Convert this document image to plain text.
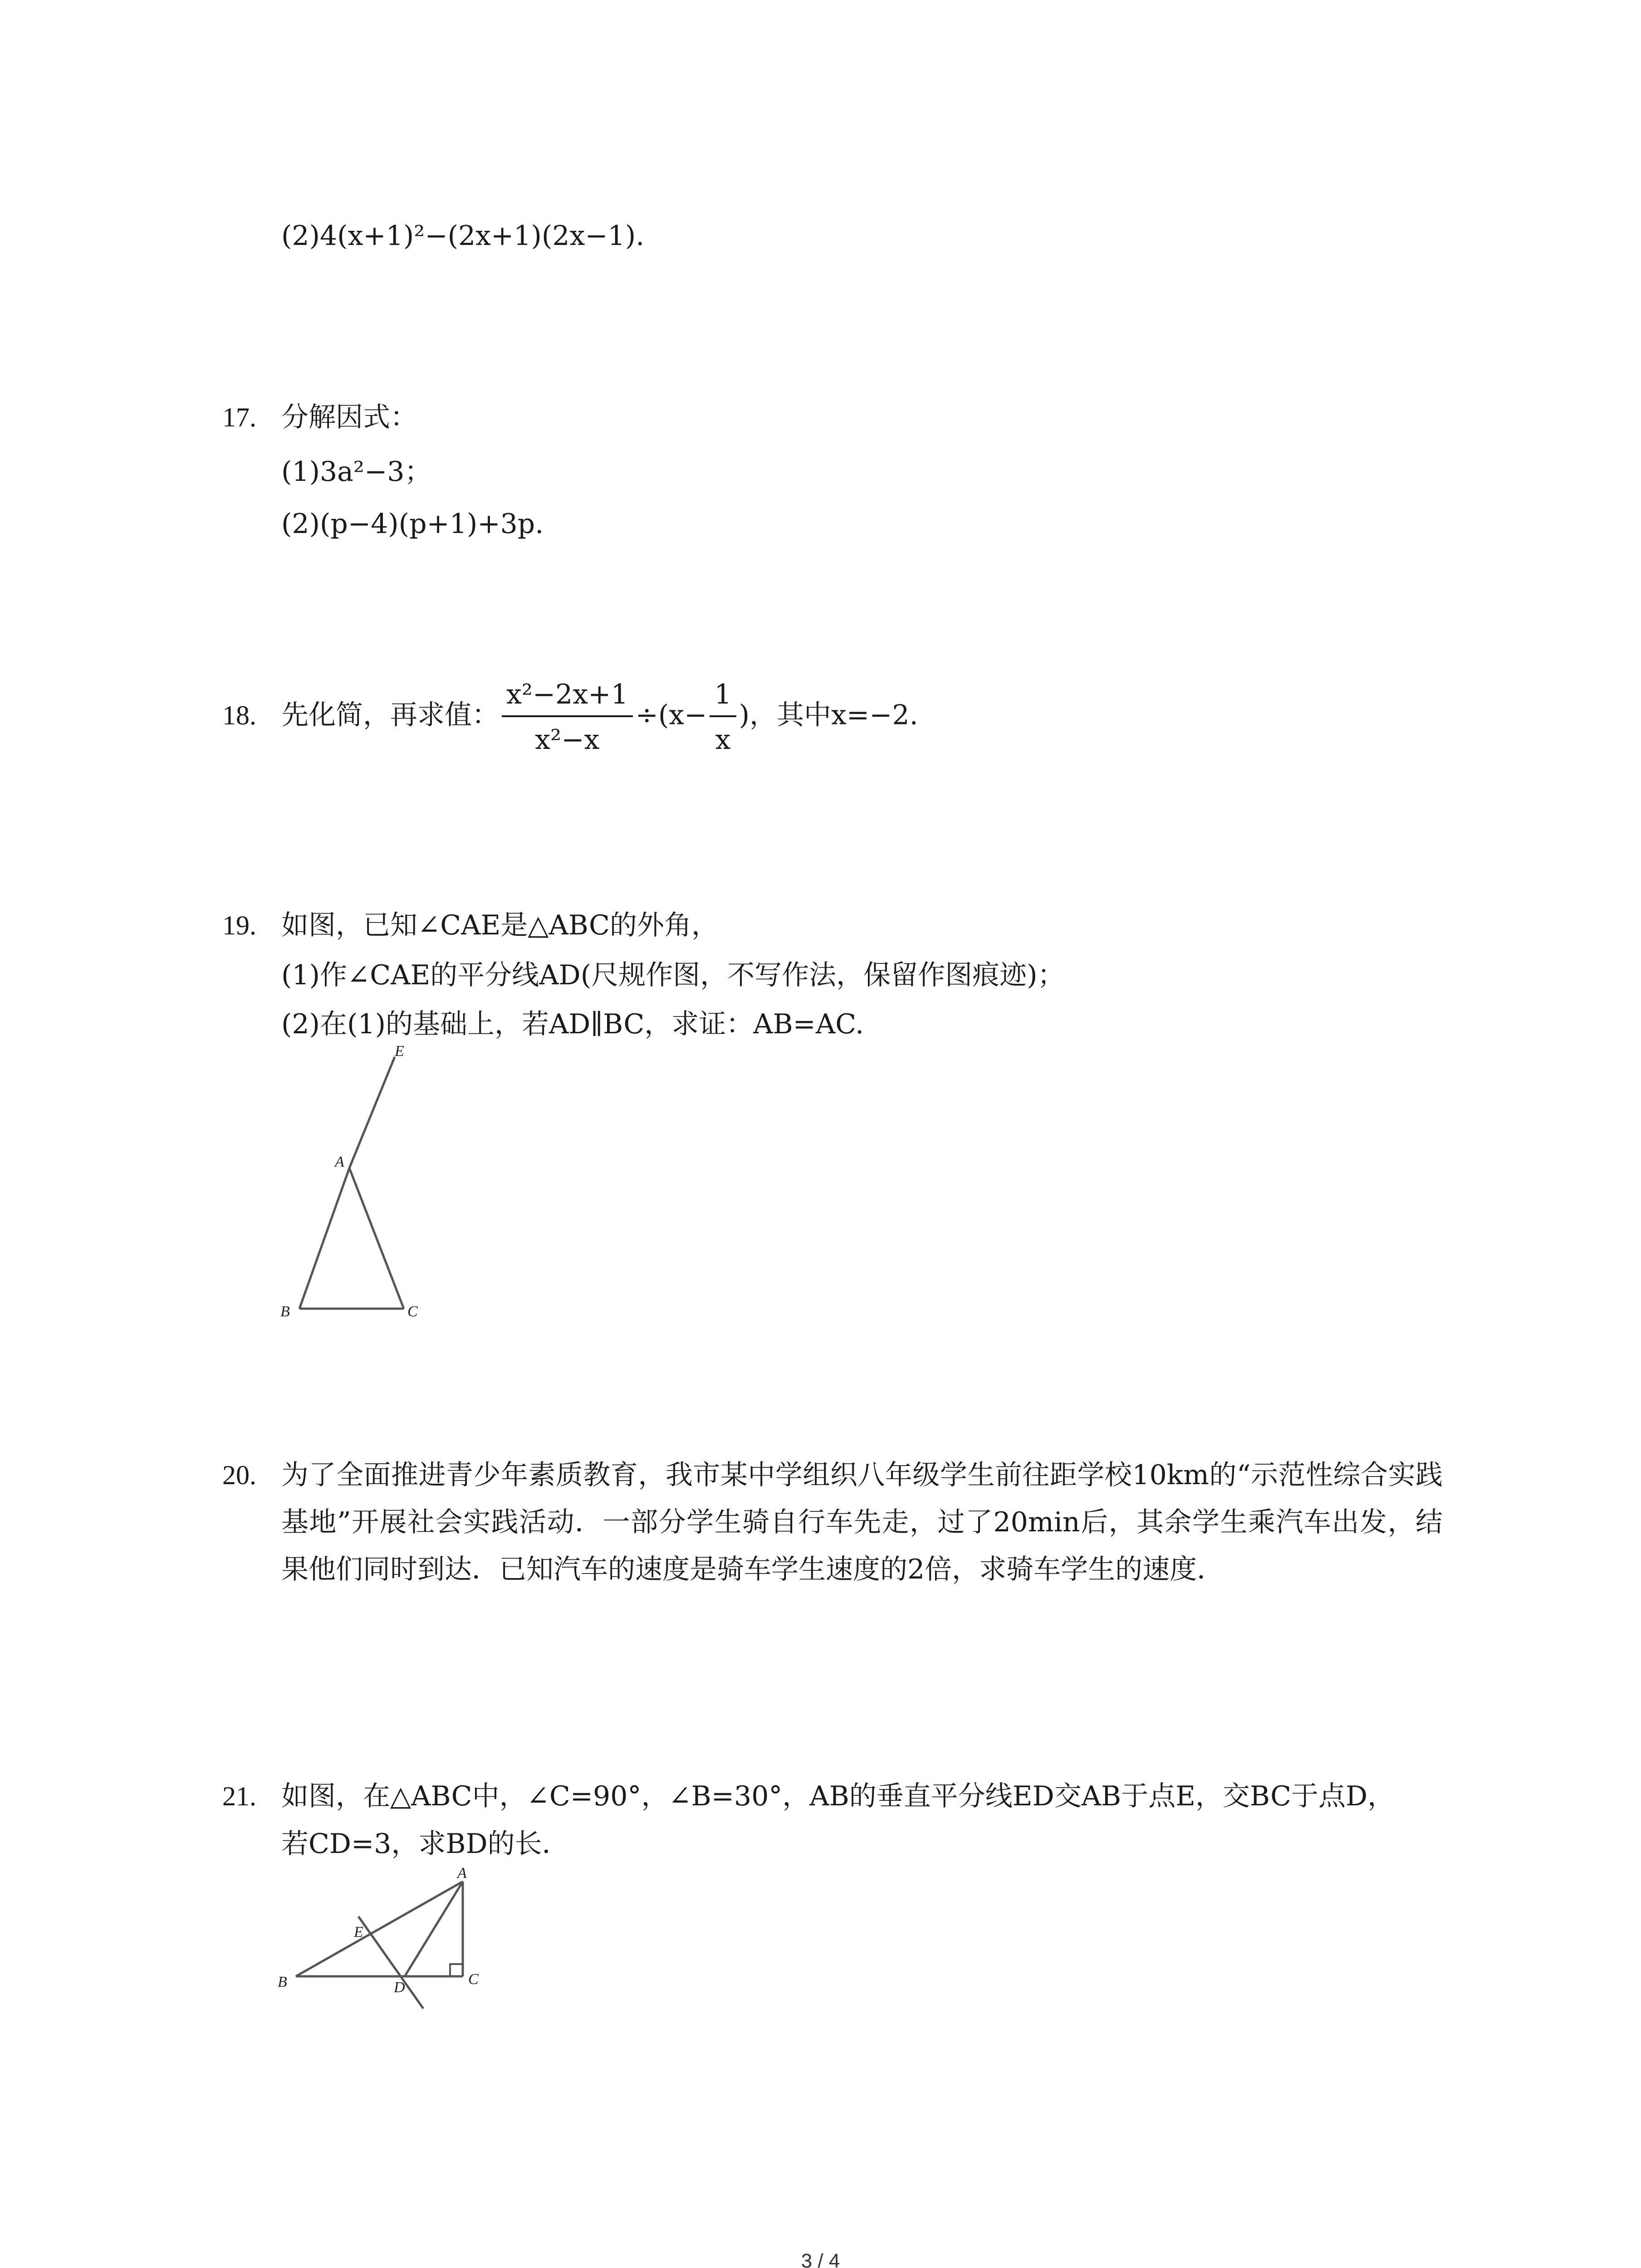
(2)4(x+1)²−(2x+1)(2x−1).
17. 分解因式：
(1)3a²−3；
(2)(p−4)(p+1)+3p.
18. 先化简，再求值： $\frac{\text{x²−2x+1}}{\text{x²−x}} \div(x- \frac{1}{x}$ )，其中x=−2.
19. 如图，已知∠CAE是△ABC的外角，
(1)作∠CAE的平分线AD(尺规作图，不写作法，保留作图痕迹)；
(2)在(1)的基础上，若AD∥BC，求证：AB=AC.
E
A
B	C
20. 为了全面推进青少年素质教育，我市某中学组织八年级学生前往距学校10km的“示范性综合实践基地”开展社会实践活动．一部分学生骑自行车先走，过了20min后，其余学生乘汽车出发，结果他们同时到达．已知汽车的速度是骑车学生速度的2倍，求骑车学生的速度．
21. 如图，在△ABC中，∠C=90°，∠B=30°，AB的垂直平分线ED交AB于点E，交BC于点D，
若CD=3，求BD的长．
A
E
B	D	C
3 / 4
